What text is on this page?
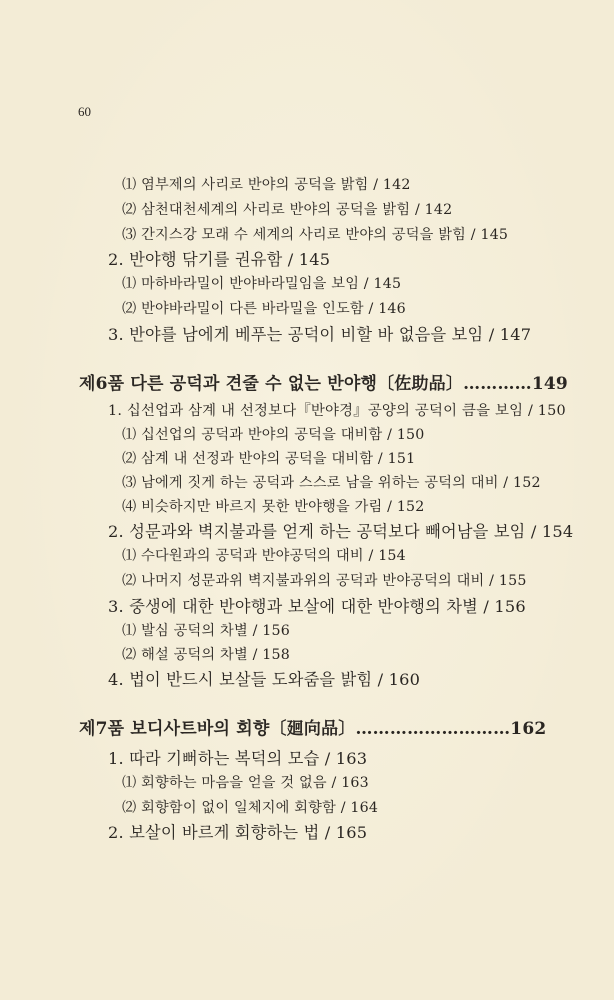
60
⑴ 염부제의 사리로 반야의 공덕을 밝힘 / 142
⑵ 삼천대천세계의 사리로 반야의 공덕을 밝힘 / 142
⑶ 간지스강 모래 수 세계의 사리로 반야의 공덕을 밝힘 / 145
2. 반야행 닦기를 권유함 / 145
⑴ 마하바라밀이 반야바라밀임을 보임 / 145
⑵ 반야바라밀이 다른 바라밀을 인도함 / 146
3. 반야를 남에게 베푸는 공덕이 비할 바 없음을 보임 / 147
제6품 다른 공덕과 견줄 수 없는 반야행〔佐助品〕…………149
1. 십선업과 삼계 내 선정보다『반야경』공양의 공덕이 큼을 보임 / 150
⑴ 십선업의 공덕과 반야의 공덕을 대비함 / 150
⑵ 삼계 내 선정과 반야의 공덕을 대비함 / 151
⑶ 남에게 짓게 하는 공덕과 스스로 남을 위하는 공덕의 대비 / 152
⑷ 비슷하지만 바르지 못한 반야행을 가림 / 152
2. 성문과와 벽지불과를 얻게 하는 공덕보다 빼어남을 보임 / 154
⑴ 수다원과의 공덕과 반야공덕의 대비 / 154
⑵ 나머지 성문과위 벽지불과위의 공덕과 반야공덕의 대비 / 155
3. 중생에 대한 반야행과 보살에 대한 반야행의 차별 / 156
⑴ 발심 공덕의 차별 / 156
⑵ 해설 공덕의 차별 / 158
4. 법이 반드시 보살들 도와줌을 밝힘 / 160
제7품 보디사트바의 회향〔廻向品〕………………………162
1. 따라 기뻐하는 복덕의 모습 / 163
⑴ 회향하는 마음을 얻을 것 없음 / 163
⑵ 회향함이 없이 일체지에 회향함 / 164
2. 보살이 바르게 회향하는 법 / 165
